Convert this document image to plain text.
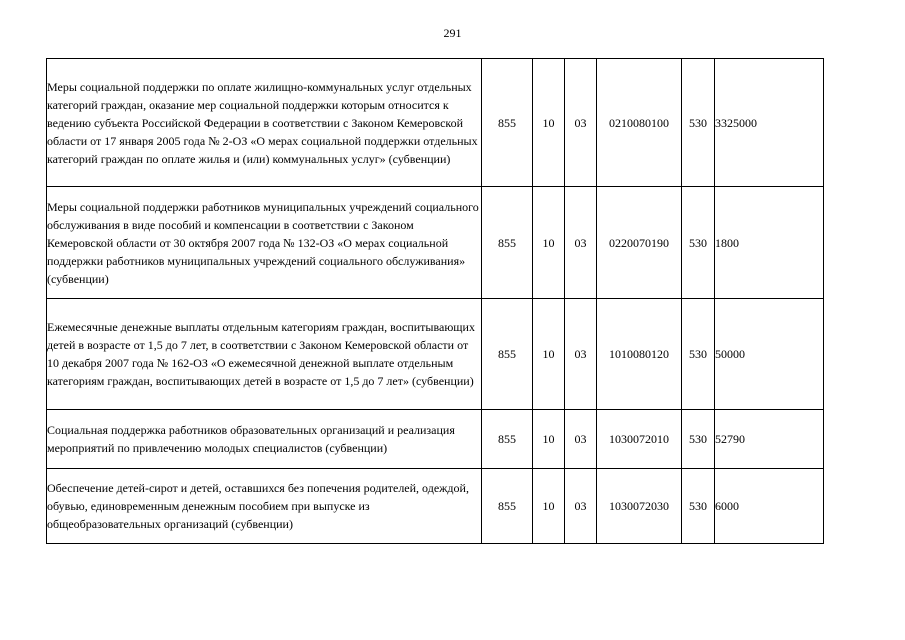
291
Меры социальной поддержки по оплате жилищно-коммунальных услуг отдельных категорий граждан, оказание мер социальной поддержки которым относится к ведению субъекта Российской Федерации в соответствии с Законом Кемеровской области от 17 января 2005 года № 2-ОЗ «О мерах социальной поддержки отдельных категорий граждан по оплате жилья и (или) коммунальных услуг» (субвенции)	855	10	03	0210080100	530	3325000
Меры социальной поддержки работников муниципальных учреждений социального обслуживания в виде пособий и компенсации в соответствии с Законом Кемеровской области от 30 октября 2007 года № 132-ОЗ «О мерах социальной поддержки работников муниципальных учреждений социального обслуживания» (субвенции)	855	10	03	0220070190	530	1800
Ежемесячные денежные выплаты отдельным категориям граждан, воспитывающих детей в возрасте от 1,5 до 7 лет, в соответствии с Законом Кемеровской области от 10 декабря 2007 года № 162-ОЗ «О ежемесячной денежной выплате отдельным категориям граждан, воспитывающих детей в возрасте от 1,5 до 7 лет» (субвенции)	855	10	03	1010080120	530	50000
Социальная поддержка работников образовательных организаций и реализация мероприятий по привлечению молодых специалистов (субвенции)	855	10	03	1030072010	530	52790
Обеспечение детей-сирот и детей, оставшихся без попечения родителей, одеждой, обувью, единовременным денежным пособием при выпуске из общеобразовательных организаций (субвенции)	855	10	03	1030072030	530	6000
